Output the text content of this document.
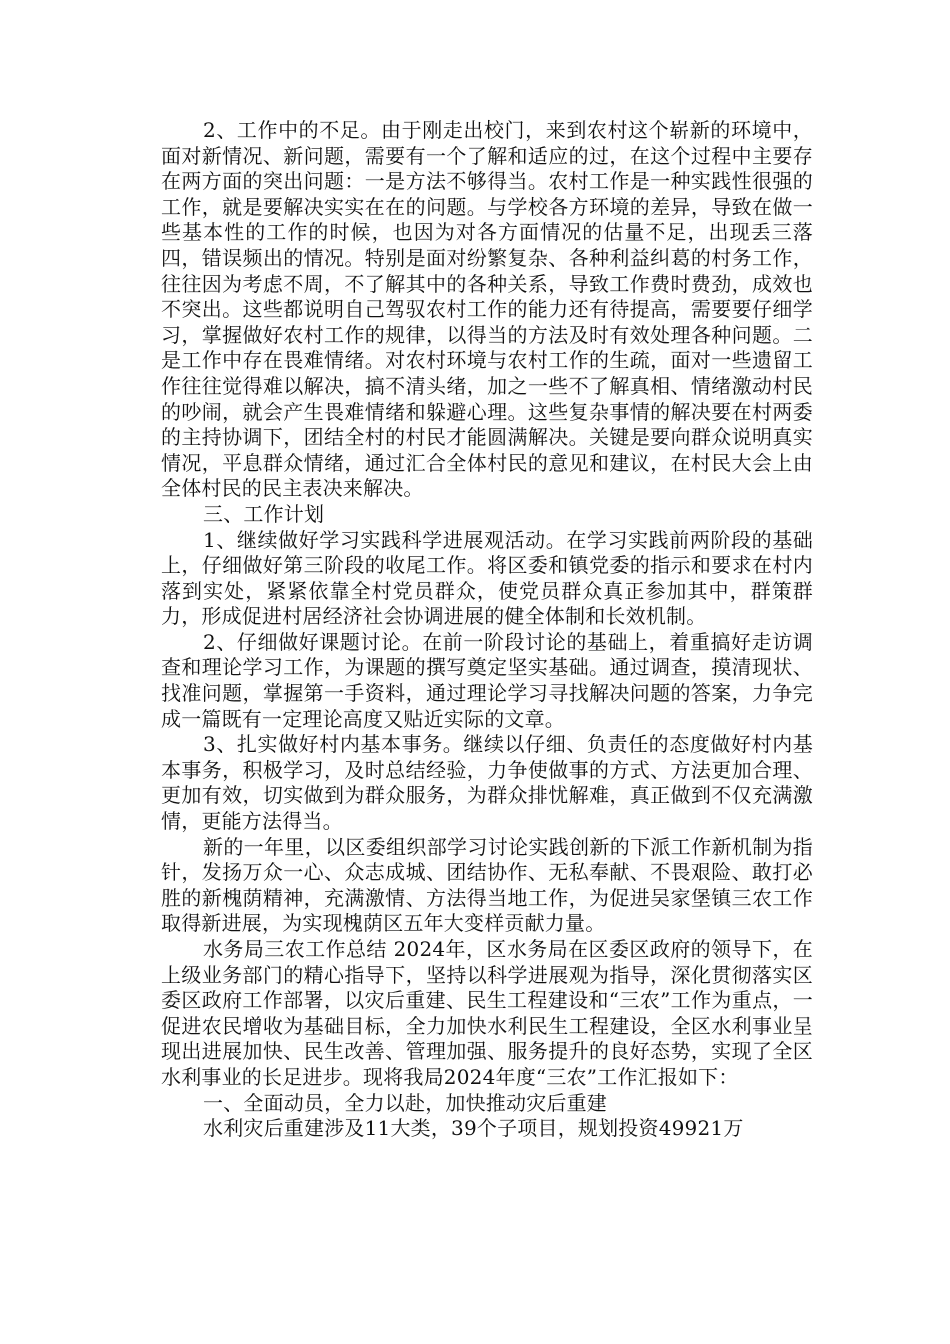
2、工作中的不足。由于刚走出校门，来到农村这个崭新的环境中，面对新情况、新问题，需要有一个了解和适应的过，在这个过程中主要存在两方面的突出问题：一是方法不够得当。农村工作是一种实践性很强的工作，就是要解决实实在在的问题。与学校各方环境的差异，导致在做一些基本性的工作的时候，也因为对各方面情况的估量不足，出现丢三落四，错误频出的情况。特别是面对纷繁复杂、各种利益纠葛的村务工作，往往因为考虑不周，不了解其中的各种关系，导致工作费时费劲，成效也不突出。这些都说明自己驾驭农村工作的能力还有待提高，需要要仔细学习，掌握做好农村工作的规律，以得当的方法及时有效处理各种问题。二是工作中存在畏难情绪。对农村环境与农村工作的生疏，面对一些遗留工作往往觉得难以解决，搞不清头绪，加之一些不了解真相、情绪激动村民的吵闹，就会产生畏难情绪和躲避心理。这些复杂事情的解决要在村两委的主持协调下，团结全村的村民才能圆满解决。关键是要向群众说明真实情况，平息群众情绪，通过汇合全体村民的意见和建议，在村民大会上由全体村民的民主表决来解决。

三、工作计划

1、继续做好学习实践科学进展观活动。在学习实践前两阶段的基础上，仔细做好第三阶段的收尾工作。将区委和镇党委的指示和要求在村内落到实处，紧紧依靠全村党员群众，使党员群众真正参加其中，群策群力，形成促进村居经济社会协调进展的健全体制和长效机制。

2、仔细做好课题讨论。在前一阶段讨论的基础上，着重搞好走访调查和理论学习工作，为课题的撰写奠定坚实基础。通过调查，摸清现状、找准问题，掌握第一手资料，通过理论学习寻找解决问题的答案，力争完成一篇既有一定理论高度又贴近实际的文章。

3、扎实做好村内基本事务。继续以仔细、负责任的态度做好村内基本事务，积极学习，及时总结经验，力争使做事的方式、方法更加合理、更加有效，切实做到为群众服务，为群众排忧解难，真正做到不仅充满激情，更能方法得当。

新的一年里，以区委组织部学习讨论实践创新的下派工作新机制为指针，发扬万众一心、众志成城、团结协作、无私奉献、不畏艰险、敢打必胜的新槐荫精神，充满激情、方法得当地工作，为促进吴家堡镇三农工作取得新进展，为实现槐荫区五年大变样贡献力量。

水务局三农工作总结 2024年，区水务局在区委区政府的领导下，在上级业务部门的精心指导下，坚持以科学进展观为指导，深化贯彻落实区委区政府工作部署，以灾后重建、民生工程建设和“三农”工作为重点，一促进农民增收为基础目标，全力加快水利民生工程建设，全区水利事业呈现出进展加快、民生改善、管理加强、服务提升的良好态势，实现了全区水利事业的长足进步。现将我局2024年度“三农”工作汇报如下：

一、全面动员，全力以赴，加快推动灾后重建

水利灾后重建涉及11大类，39个子项目，规划投资49921万
